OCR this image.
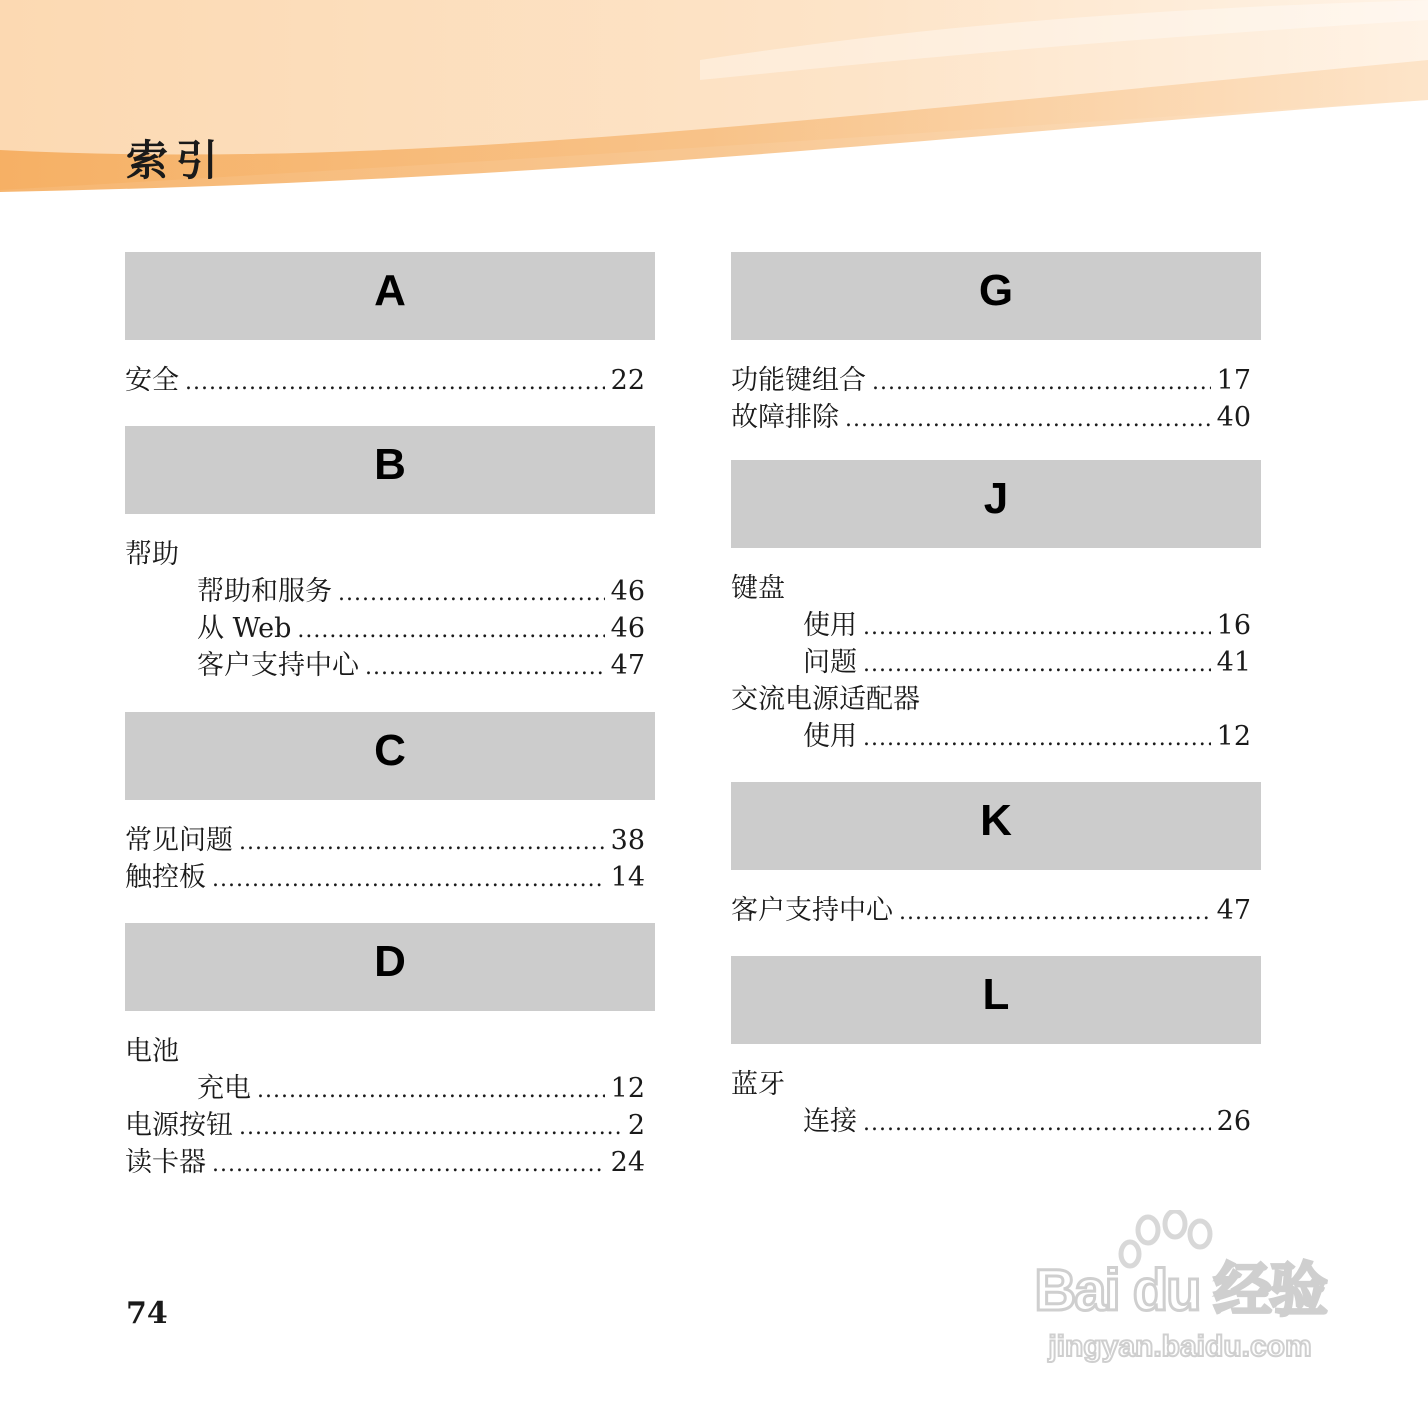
索引
A
安全 .....	22
B
帮助
帮助和服务 .....	46
从 Web .....	46
客户支持中心 .....	47
C
常见问题 .....	38
触控板 .....	14
D
电池
充电 .....	12
电源按钮 .....	2
读卡器 .....	24
G
功能键组合 .....	17
故障排除 .....	40
J
键盘
使用 .....	16
问题 .....	41
交流电源适配器
使用 .....	12
K
客户支持中心 .....	47
L
蓝牙
连接 .....	26
74	Bai du 经验
jingyan.baidu.com
